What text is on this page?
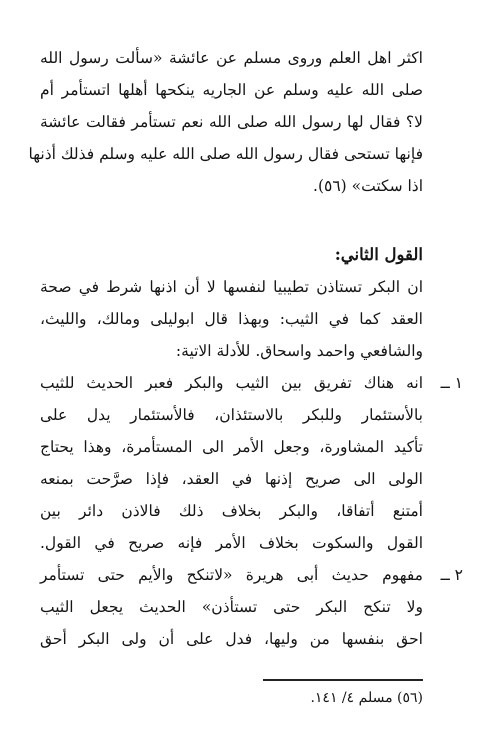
اكثر اهل العلم وروى مسلم عن عائشة «سألت رسول الله
صلى الله عليه وسلم عن الجاريه ينكحها أهلها اتستأمر أم
لا؟ فقال لها رسول الله صلى الله نعم تستأمر فقالت عائشة
فإنها تستحى فقال رسول الله صلى الله عليه وسلم فذلك أذنها
اذا سكتت» (٥٦).
القول الثاني:
ان البكر تستاذن تطيبيا لنفسها لا أن اذنها شرط في صحة
العقد كما في الثيب: وبهذا قال ابوليلى ومالك، والليث،
والشافعي واحمد واسحاق. للأدلة الاتية:
١ ــ
انه هناك تفريق بين الثيب والبكر فعبر الحديث للثيب
بالأستئمار وللبكر بالاستئذان، فالأستئمار يدل على
تأكيد المشاورة، وجعل الأمر الى المستأمرة، وهذا يحتاج
الولى الى صريح إذنها في العقد، فإذا صرَّحت بمنعه
أمتنع أتفاقا، والبكر بخلاف ذلك فالاذن دائر بين
القول والسكوت بخلاف الأمر فإنه صريح في القول.
٢ ــ
مفهوم حديث أبى هريرة «لاتنكح والأيم حتى تستأمر
ولا تنكح البكر حتى تستأذن» الحديث يجعل الثيب
احق بنفسها من وليها، فدل على أن ولى البكر أحق
(٥٦) مسلم ٤/ ١٤١.
